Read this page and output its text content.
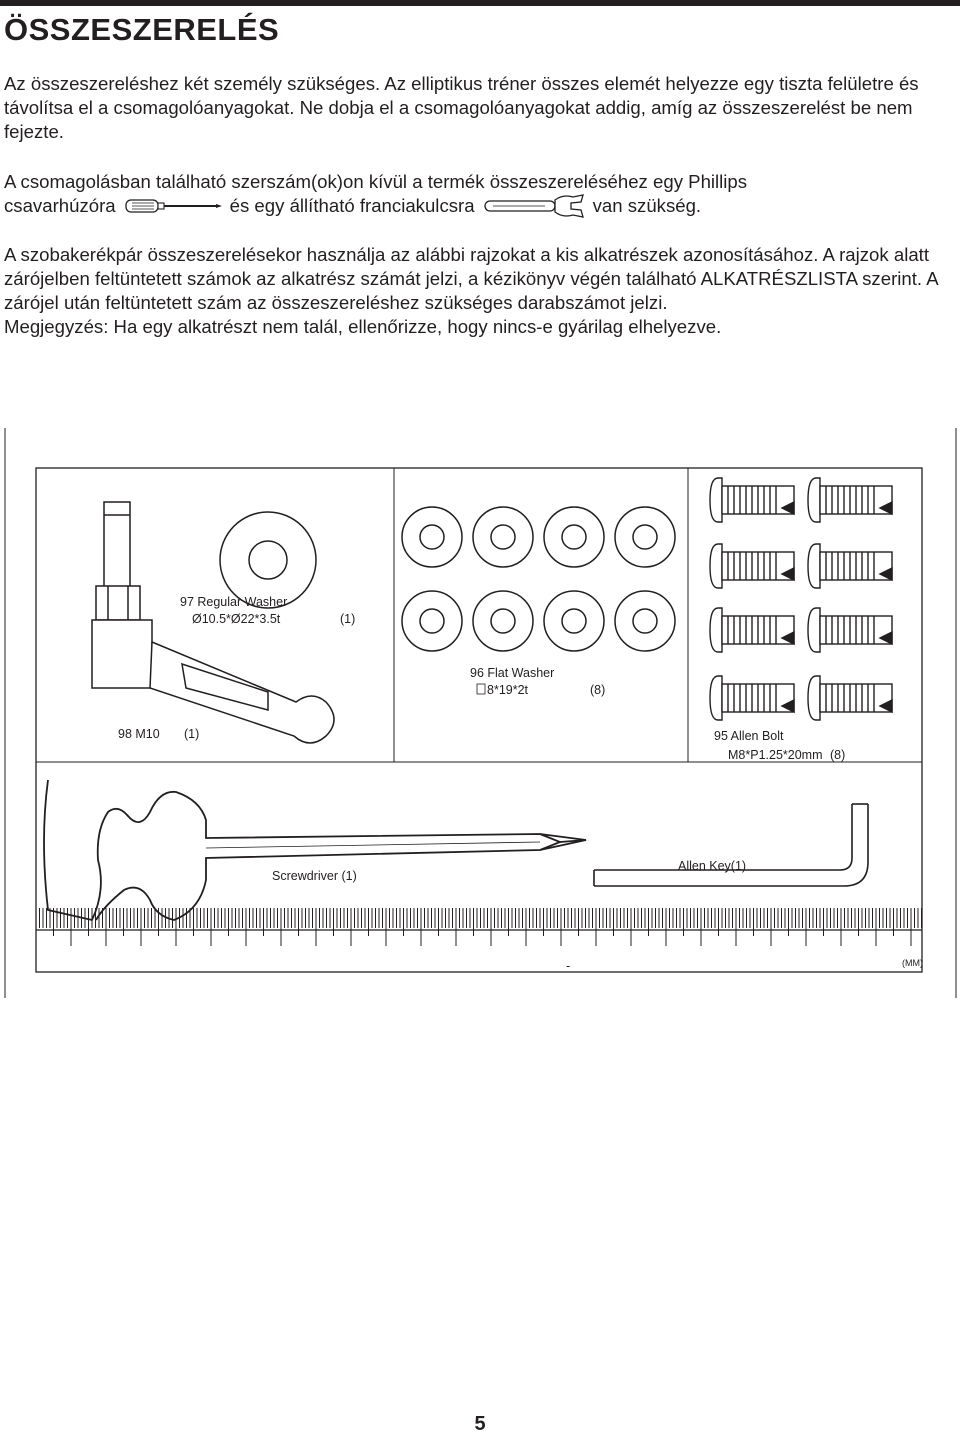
ÖSSZESZERELÉS

Az összeszereléshez két személy szükséges. Az elliptikus tréner összes elemét helyezze egy tiszta felületre és távolítsa el a csomagolóanyagokat. Ne dobja el a csomagolóanyagokat addig, amíg az összeszerelést be nem fejezte.

A csomagolásban található szerszám(ok)on kívül a termék összeszereléséhez egy Phillips
csavarhúzóra	és egy állítható franciakulcsra	van szükség.
A szobakerékpár összeszerelésekor használja az alábbi rajzokat a kis alkatrészek azonosításához. A rajzok alatt zárójelben feltüntetett számok az alkatrész számát jelzi, a kézikönyv végén található ALKATRÉSZLISTA szerint. A zárójel után feltüntetett szám az összeszereléshez szükséges darabszámot jelzi.
Megjegyzés: Ha egy alkatrészt nem talál, ellenőrizze, hogy nincs-e gyárilag elhelyezve.
97 Regular Washer
Ø10.5*Ø22*3.5t	(1)
96 Flat Washer
8*19*2t	(8)
98 M10 (1)	95 Allen Bolt
M8*P1.25*20mm (8)
Screwdriver (1)
Allen Key(1)
-	(MM)
5
